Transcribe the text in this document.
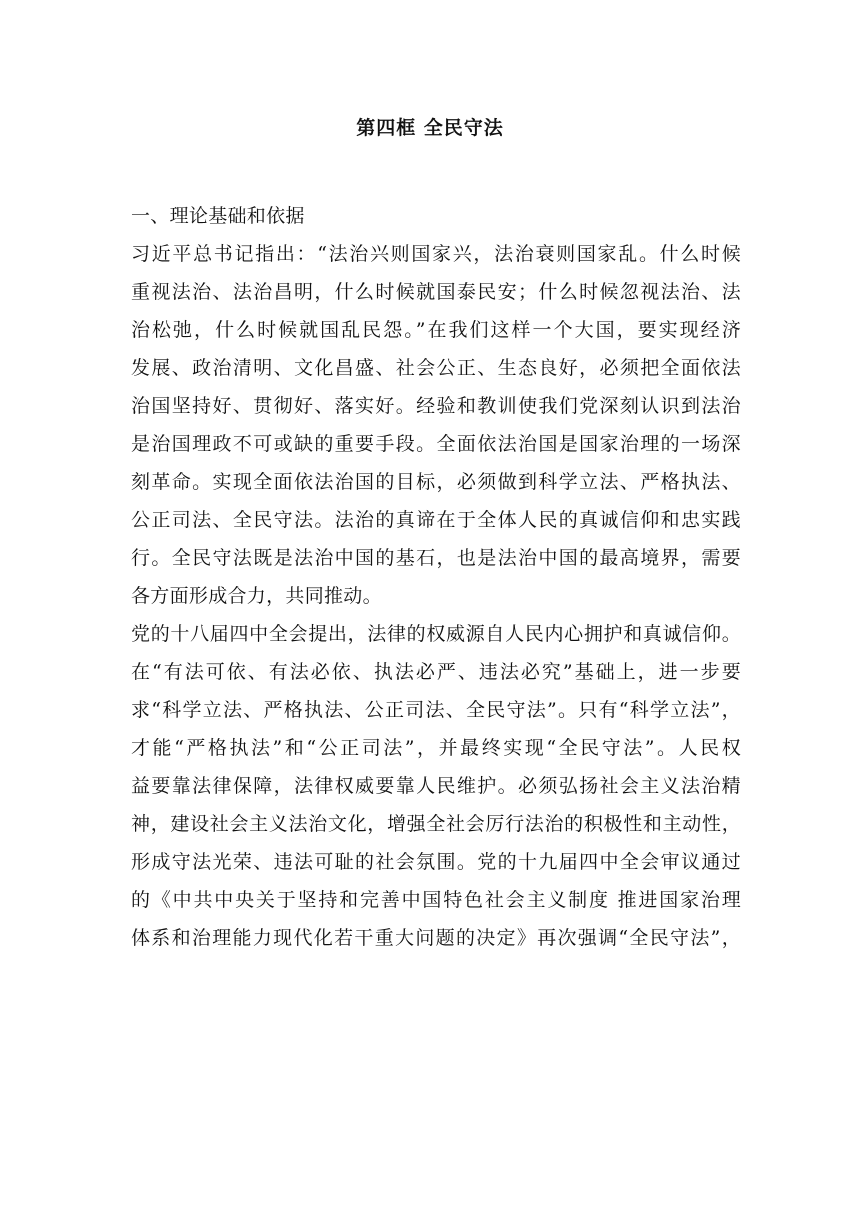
第四框 全民守法
一、理论基础和依据
习近平总书记指出：“法治兴则国家兴，法治衰则国家乱。什么时候
重视法治、法治昌明，什么时候就国泰民安；什么时候忽视法治、法
治松弛，什么时候就国乱民怨。”在我们这样一个大国，要实现经济
发展、政治清明、文化昌盛、社会公正、生态良好，必须把全面依法
治国坚持好、贯彻好、落实好。经验和教训使我们党深刻认识到法治
是治国理政不可或缺的重要手段。全面依法治国是国家治理的一场深
刻革命。实现全面依法治国的目标，必须做到科学立法、严格执法、
公正司法、全民守法。法治的真谛在于全体人民的真诚信仰和忠实践
行。全民守法既是法治中国的基石，也是法治中国的最高境界，需要
各方面形成合力，共同推动。
党的十八届四中全会提出，法律的权威源自人民内心拥护和真诚信仰。
在“有法可依、有法必依、执法必严、违法必究”基础上，进一步要
求“科学立法、严格执法、公正司法、全民守法”。只有“科学立法”，
才能“严格执法”和“公正司法”，并最终实现“全民守法”。人民权
益要靠法律保障，法律权威要靠人民维护。必须弘扬社会主义法治精
神，建设社会主义法治文化，增强全社会厉行法治的积极性和主动性，
形成守法光荣、违法可耻的社会氛围。党的十九届四中全会审议通过
的《中共中央关于坚持和完善中国特色社会主义制度 推进国家治理
体系和治理能力现代化若干重大问题的决定》再次强调“全民守法”，
